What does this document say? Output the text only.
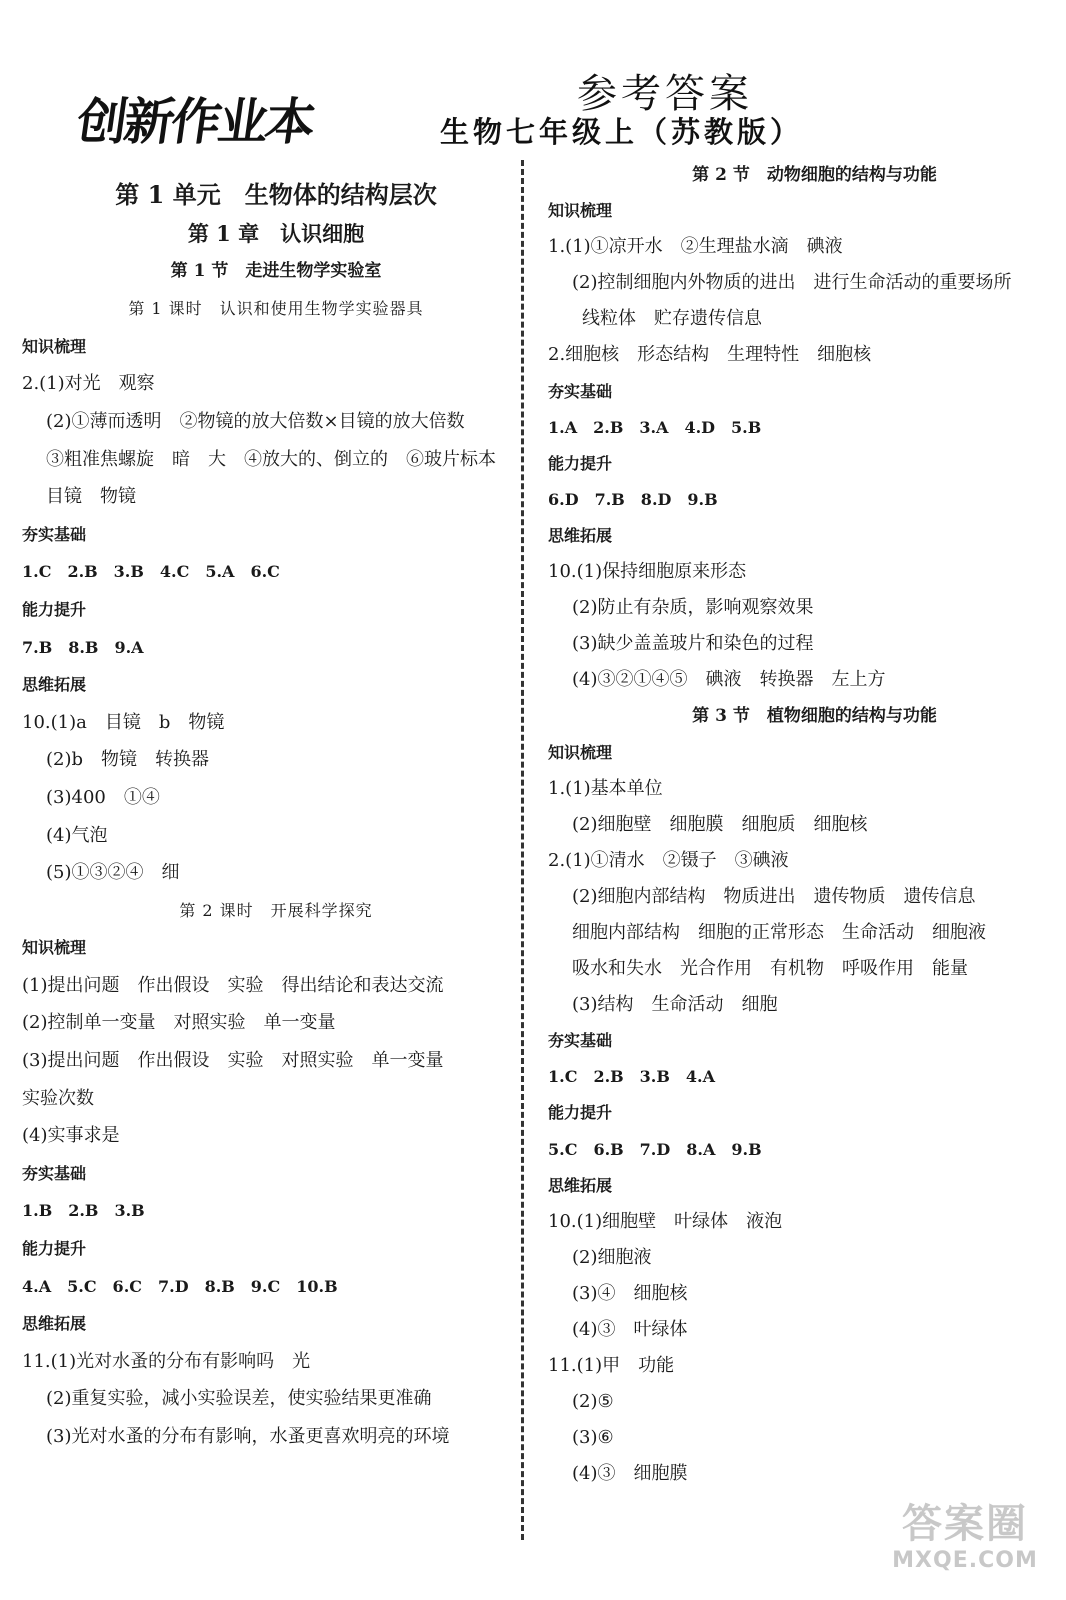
创新作业本	参考答案
生物七年级上（苏教版）
第 1 单元　生物体的结构层次
第 1 章　认识细胞
第 1 节　走进生物学实验室
第 1 课时　认识和使用生物学实验器具
知识梳理
2.(1)对光　观察
(2)①薄而透明　②物镜的放大倍数×目镜的放大倍数
③粗准焦螺旋　暗　大　④放大的、倒立的　⑥玻片标本
目镜　物镜
夯实基础
1.C　2.B　3.B　4.C　5.A　6.C
能力提升
7.B　8.B　9.A
思维拓展
10.(1)a　目镜　b　物镜
(2)b　物镜　转换器
(3)400　①④
(4)气泡
(5)①③②④　细
第 2 课时　开展科学探究
知识梳理
(1)提出问题　作出假设　实验　得出结论和表达交流
(2)控制单一变量　对照实验　单一变量
(3)提出问题　作出假设　实验　对照实验　单一变量
实验次数
(4)实事求是
夯实基础
1.B　2.B　3.B
能力提升
4.A　5.C　6.C　7.D　8.B　9.C　10.B
思维拓展
11.(1)光对水蚤的分布有影响吗　光
(2)重复实验，减小实验误差，使实验结果更准确
(3)光对水蚤的分布有影响，水蚤更喜欢明亮的环境
第 2 节　动物细胞的结构与功能
知识梳理
1.(1)①凉开水　②生理盐水滴　碘液
(2)控制细胞内外物质的进出　进行生命活动的重要场所
线粒体　贮存遗传信息
2.细胞核　形态结构　生理特性　细胞核
夯实基础
1.A　2.B　3.A　4.D　5.B
能力提升
6.D　7.B　8.D　9.B
思维拓展
10.(1)保持细胞原来形态
(2)防止有杂质，影响观察效果
(3)缺少盖盖玻片和染色的过程
(4)③②①④⑤　碘液　转换器　左上方
第 3 节　植物细胞的结构与功能
知识梳理
1.(1)基本单位
(2)细胞壁　细胞膜　细胞质　细胞核
2.(1)①清水　②镊子　③碘液
(2)细胞内部结构　物质进出　遗传物质　遗传信息
细胞内部结构　细胞的正常形态　生命活动　细胞液
吸水和失水　光合作用　有机物　呼吸作用　能量
(3)结构　生命活动　细胞
夯实基础
1.C　2.B　3.B　4.A
能力提升
5.C　6.B　7.D　8.A　9.B
思维拓展
10.(1)细胞壁　叶绿体　液泡
(2)细胞液
(3)④　细胞核
(4)③　叶绿体
11.(1)甲　功能
(2)⑤
(3)⑥
(4)③　细胞膜
答案圈
MXQE.COM
